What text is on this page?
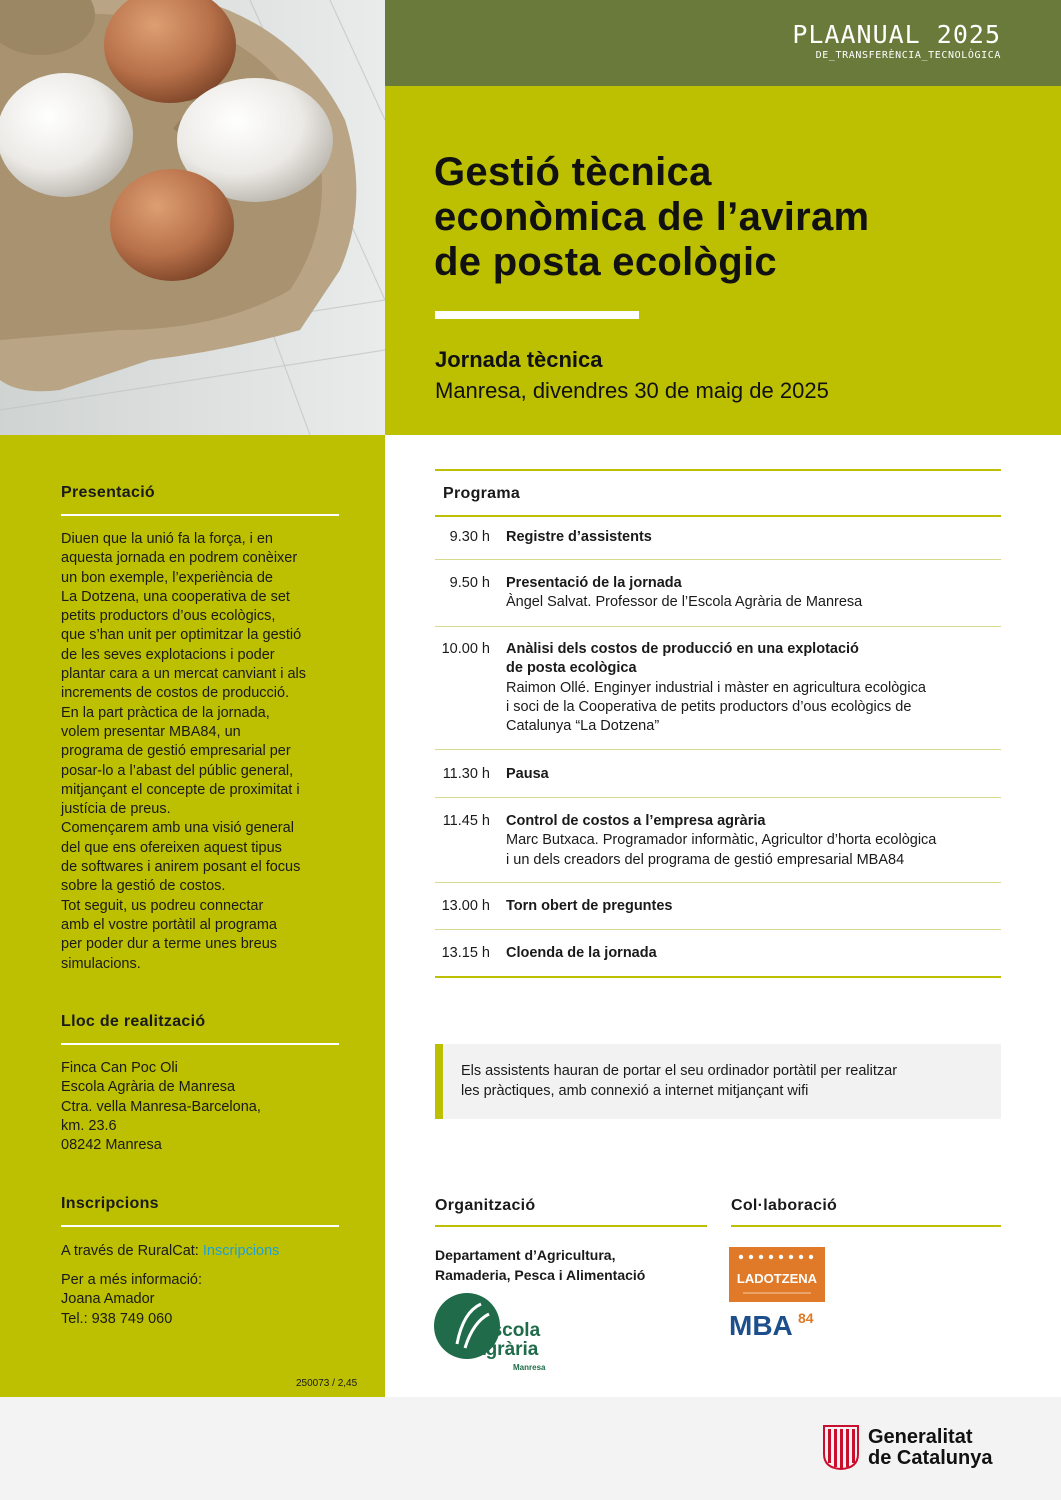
PLAANUAL 2025
DE_TRANSFERÈNCIA_TECNOLÒGICA
Gestió tècnica
econòmica de l’aviram
de posta ecològic
Jornada tècnica
Manresa, divendres 30 de maig de 2025
Presentació
Diuen que la unió fa la força, i en
aquesta jornada en podrem conèixer
un bon exemple, l’experiència de
La Dotzena, una cooperativa de set
petits productors d’ous ecològics,
que s’han unit per optimitzar la gestió
de les seves explotacions i poder
plantar cara a un mercat canviant i als
increments de costos de producció.
En la part pràctica de la jornada,
volem presentar MBA84, un
programa de gestió empresarial per
posar-lo a l’abast del públic general,
mitjançant el concepte de proximitat i
justícia de preus.
Començarem amb una visió general
del que ens ofereixen aquest tipus
de softwares i anirem posant el focus
sobre la gestió de costos.
Tot seguit, us podreu connectar
amb el vostre portàtil al programa
per poder dur a terme unes breus
simulacions.
Lloc de realització
Finca Can Poc Oli
Escola Agrària de Manresa
Ctra. vella Manresa-Barcelona,
km. 23.6
08242 Manresa
Inscripcions
A través de RuralCat: Inscripcions
Per a més informació:
Joana Amador
Tel.: 938 749 060
250073 / 2,45
Programa
9.30 h Registre d’assistents
9.50 h Presentació de la jornada
Àngel Salvat. Professor de l’Escola Agrària de Manresa
10.00 h Anàlisi dels costos de producció en una explotació
de posta ecològica
Raimon Ollé. Enginyer industrial i màster en agricultura ecològica
i soci de la Cooperativa de petits productors d’ous ecològics de
Catalunya “La Dotzena”
11.30 h Pausa
11.45 h Control de costos a l’empresa agrària
Marc Butxaca. Programador informàtic, Agricultor d’horta ecològica
i un dels creadors del programa de gestió empresarial MBA84
13.00 h Torn obert de preguntes
13.15 h Cloenda de la jornada
Els assistents hauran de portar el seu ordinador portàtil per realitzar
les pràctiques, amb connexió a internet mitjançant wifi
Organització
Departament d’Agricultura,
Ramaderia, Pesca i Alimentació
escola
agrària
Manresa
Col·laboració
LADOTZENA
MBA 84
Generalitat
de Catalunya
